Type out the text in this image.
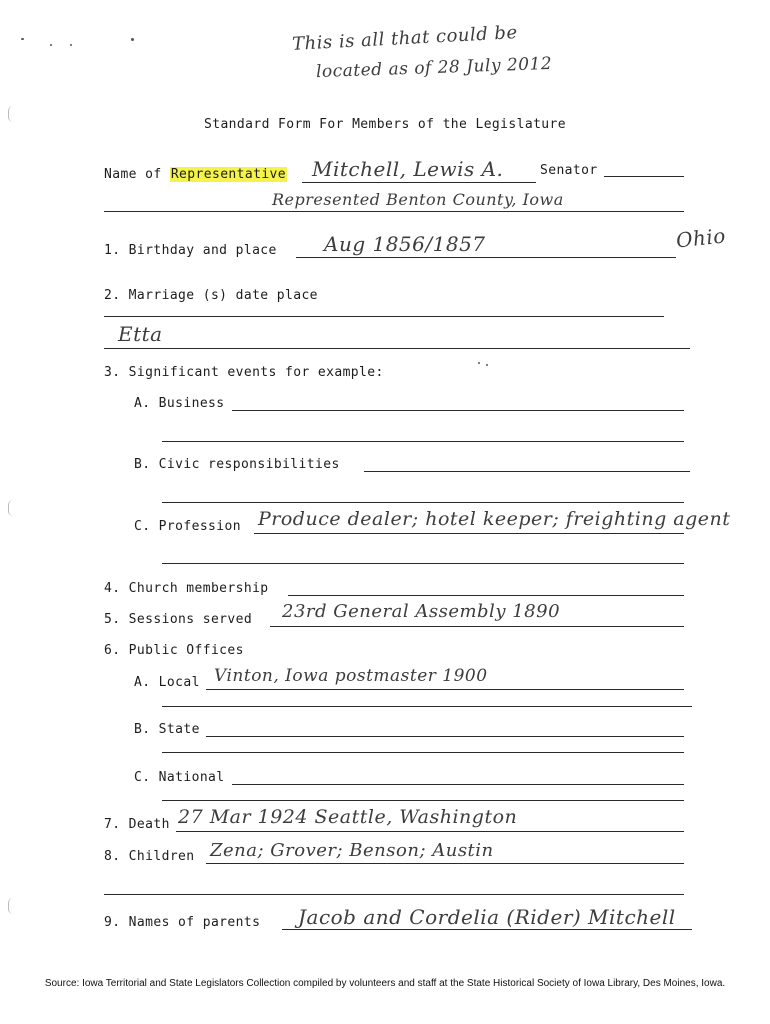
This is all that could be
located as of 28 July 2012
Standard Form For Members of the Legislature
Name of Representative Mitchell, Lewis A.	Senator
Represented Benton County, Iowa
1. Birthday and place Aug 1856/1857	Ohio
2. Marriage (s) date place
Etta
3. Significant events for example:
A. Business
B. Civic responsibilities
C. Profession Produce dealer; hotel keeper; freighting agent
4. Church membership
5. Sessions served 23rd General Assembly 1890
6. Public Offices
A. Local Vinton, Iowa postmaster 1900
B. State
C. National
7. Death 27 Mar 1924 Seattle, Washington
8. Children Zena; Grover; Benson; Austin
9. Names of parents Jacob and Cordelia (Rider) Mitchell
Source: Iowa Territorial and State Legislators Collection compiled by volunteers and staff at the State Historical Society of Iowa Library, Des Moines, Iowa.
